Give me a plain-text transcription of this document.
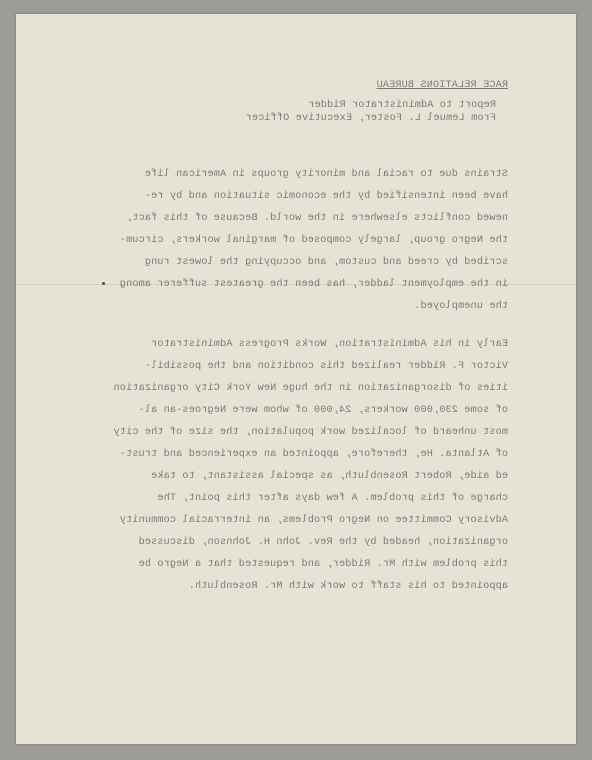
RACE RELATIONS BUREAU
Report to Administrator Ridder
From Lemuel L. Foster, Executive Officer
Strains due to racial and minority groups in American life
have been intensified by the economic situation and by re-
newed conflicts elsewhere in the world. Because of this fact,
the Negro group, largely composed of marginal workers, circum-
scribed by creed and custom, and occupying the lowest rung
in the employment ladder, has been the greatest sufferer among
the unemployed.
Early in his Administration, Works Progress Administrator
Victor F. Ridder realized this condition and the possibil-
ities of disorganization in the huge New York City organization
of some 230,000 workers, 24,000 of whom were Negroes-an al-
most unheard of localized work population, the size of the city
of Atlanta. He, therefore, appointed an experienced and trust-
ed aide, Robert Rosenbluth, as special assistant, to take
charge of this problem. A few days after this point, The
Advisory Committee on Negro Problems, an interracial community
organization, headed by the Rev. John H. Johnson, discussed
this problem with Mr. Ridder, and requested that a Negro be
appointed to his staff to work with Mr. Rosenbluth.
